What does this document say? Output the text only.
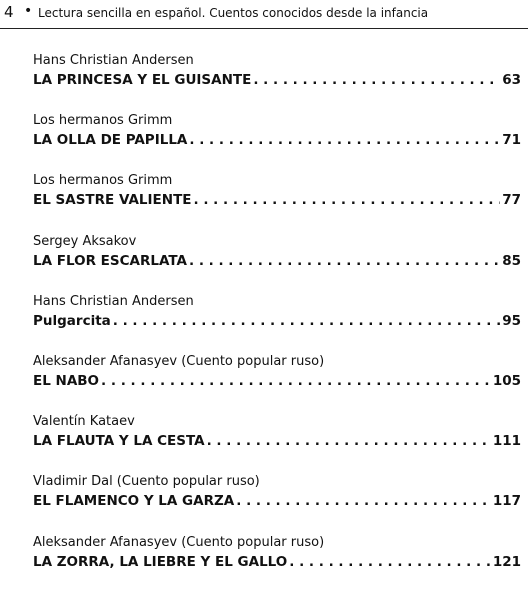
4 • Lectura sencilla en español. Cuentos conocidos desde la infancia
Hans Christian Andersen
LA PRINCESA Y EL GUISANTE . . .	63
Los hermanos Grimm
LA OLLA DE PAPILLA . . .	71
Los hermanos Grimm
EL SASTRE VALIENTE . . .	77
Sergey Aksakov
LA FLOR ESCARLATA . . .	85
Hans Christian Andersen
Pulgarcita . . .	95
Aleksander Afanasyev (Cuento popular ruso)
EL NABO . . .	105
Valentín Kataev
LA FLAUTA Y LA CESTA . . .	111
Vladimir Dal (Cuento popular ruso)
EL FLAMENCO Y LA GARZA . . .	117
Aleksander Afanasyev (Cuento popular ruso)
LA ZORRA, LA LIEBRE Y EL GALLO . . .	121
